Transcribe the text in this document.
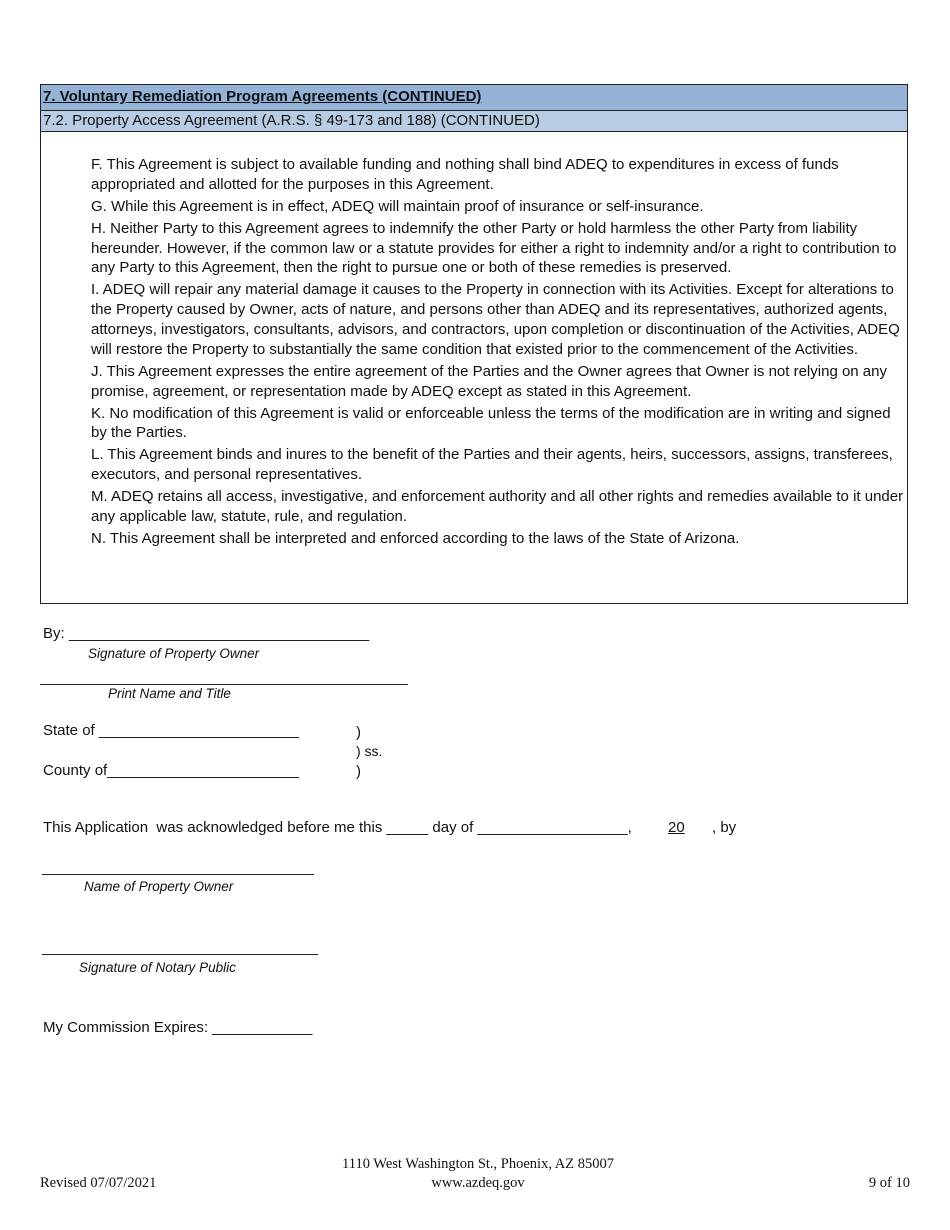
7. Voluntary Remediation Program Agreements (CONTINUED)
7.2. Property Access Agreement (A.R.S. § 49-173 and 188) (CONTINUED)

F. This Agreement is subject to available funding and nothing shall bind ADEQ to expenditures in excess of funds appropriated and allotted for the purposes in this Agreement.

G. While this Agreement is in effect, ADEQ will maintain proof of insurance or self-insurance.

H. Neither Party to this Agreement agrees to indemnify the other Party or hold harmless the other Party from liability hereunder. However, if the common law or a statute provides for either a right to indemnity and/or a right to contribution to any Party to this Agreement, then the right to pursue one or both of these remedies is preserved.

I. ADEQ will repair any material damage it causes to the Property in connection with its Activities. Except for alterations to the Property caused by Owner, acts of nature, and persons other than ADEQ and its representatives, authorized agents, attorneys, investigators, consultants, advisors, and contractors, upon completion or discontinuation of the Activities, ADEQ will restore the Property to substantially the same condition that existed prior to the commencement of the Activities.

J. This Agreement expresses the entire agreement of the Parties and the Owner agrees that Owner is not relying on any promise, agreement, or representation made by ADEQ except as stated in this Agreement.

K. No modification of this Agreement is valid or enforceable unless the terms of the modification are in writing and signed by the Parties.

L. This Agreement binds and inures to the benefit of the Parties and their agents, heirs, successors, assigns, transferees, executors, and personal representatives.

M. ADEQ retains all access, investigative, and enforcement authority and all other rights and remedies available to it under any applicable law, statute, rule, and regulation.

N. This Agreement shall be interpreted and enforced according to the laws of the State of Arizona.

By: ____________________________________
Signature of Property Owner
Print Name and Title
State of ________________________	)
) ss.
County of_______________________	)
This Application  was acknowledged before me this _____ day of __________________, 20 , by
Name of Property Owner
Signature of Notary Public
My Commission Expires: ____________
Revised 07/07/2021
1110 West Washington St., Phoenix, AZ 85007
www.azdeq.gov	9 of 10
